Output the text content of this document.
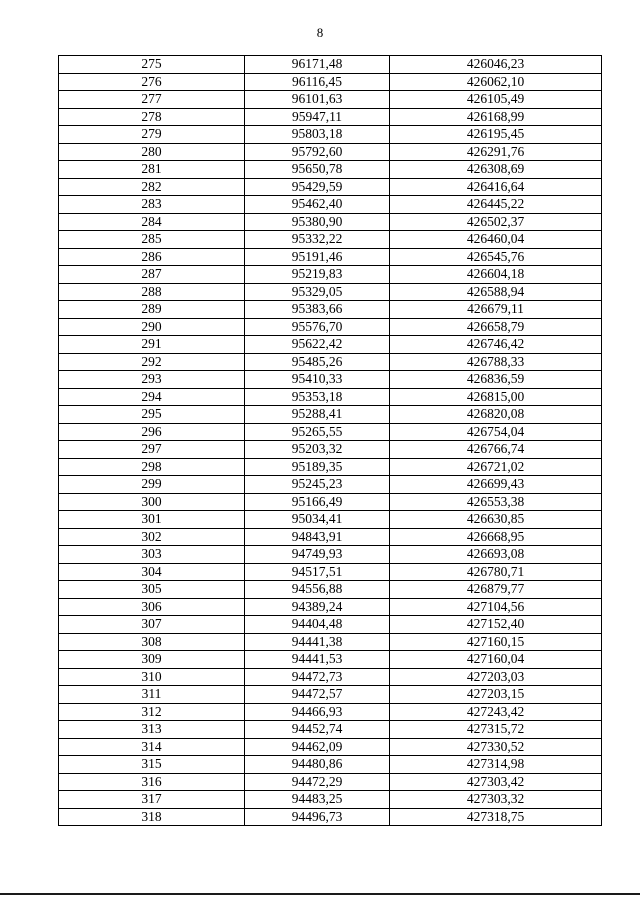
8
275	96171,48	426046,23
276	96116,45	426062,10
277	96101,63	426105,49
278	95947,11	426168,99
279	95803,18	426195,45
280	95792,60	426291,76
281	95650,78	426308,69
282	95429,59	426416,64
283	95462,40	426445,22
284	95380,90	426502,37
285	95332,22	426460,04
286	95191,46	426545,76
287	95219,83	426604,18
288	95329,05	426588,94
289	95383,66	426679,11
290	95576,70	426658,79
291	95622,42	426746,42
292	95485,26	426788,33
293	95410,33	426836,59
294	95353,18	426815,00
295	95288,41	426820,08
296	95265,55	426754,04
297	95203,32	426766,74
298	95189,35	426721,02
299	95245,23	426699,43
300	95166,49	426553,38
301	95034,41	426630,85
302	94843,91	426668,95
303	94749,93	426693,08
304	94517,51	426780,71
305	94556,88	426879,77
306	94389,24	427104,56
307	94404,48	427152,40
308	94441,38	427160,15
309	94441,53	427160,04
310	94472,73	427203,03
311	94472,57	427203,15
312	94466,93	427243,42
313	94452,74	427315,72
314	94462,09	427330,52
315	94480,86	427314,98
316	94472,29	427303,42
317	94483,25	427303,32
318	94496,73	427318,75
